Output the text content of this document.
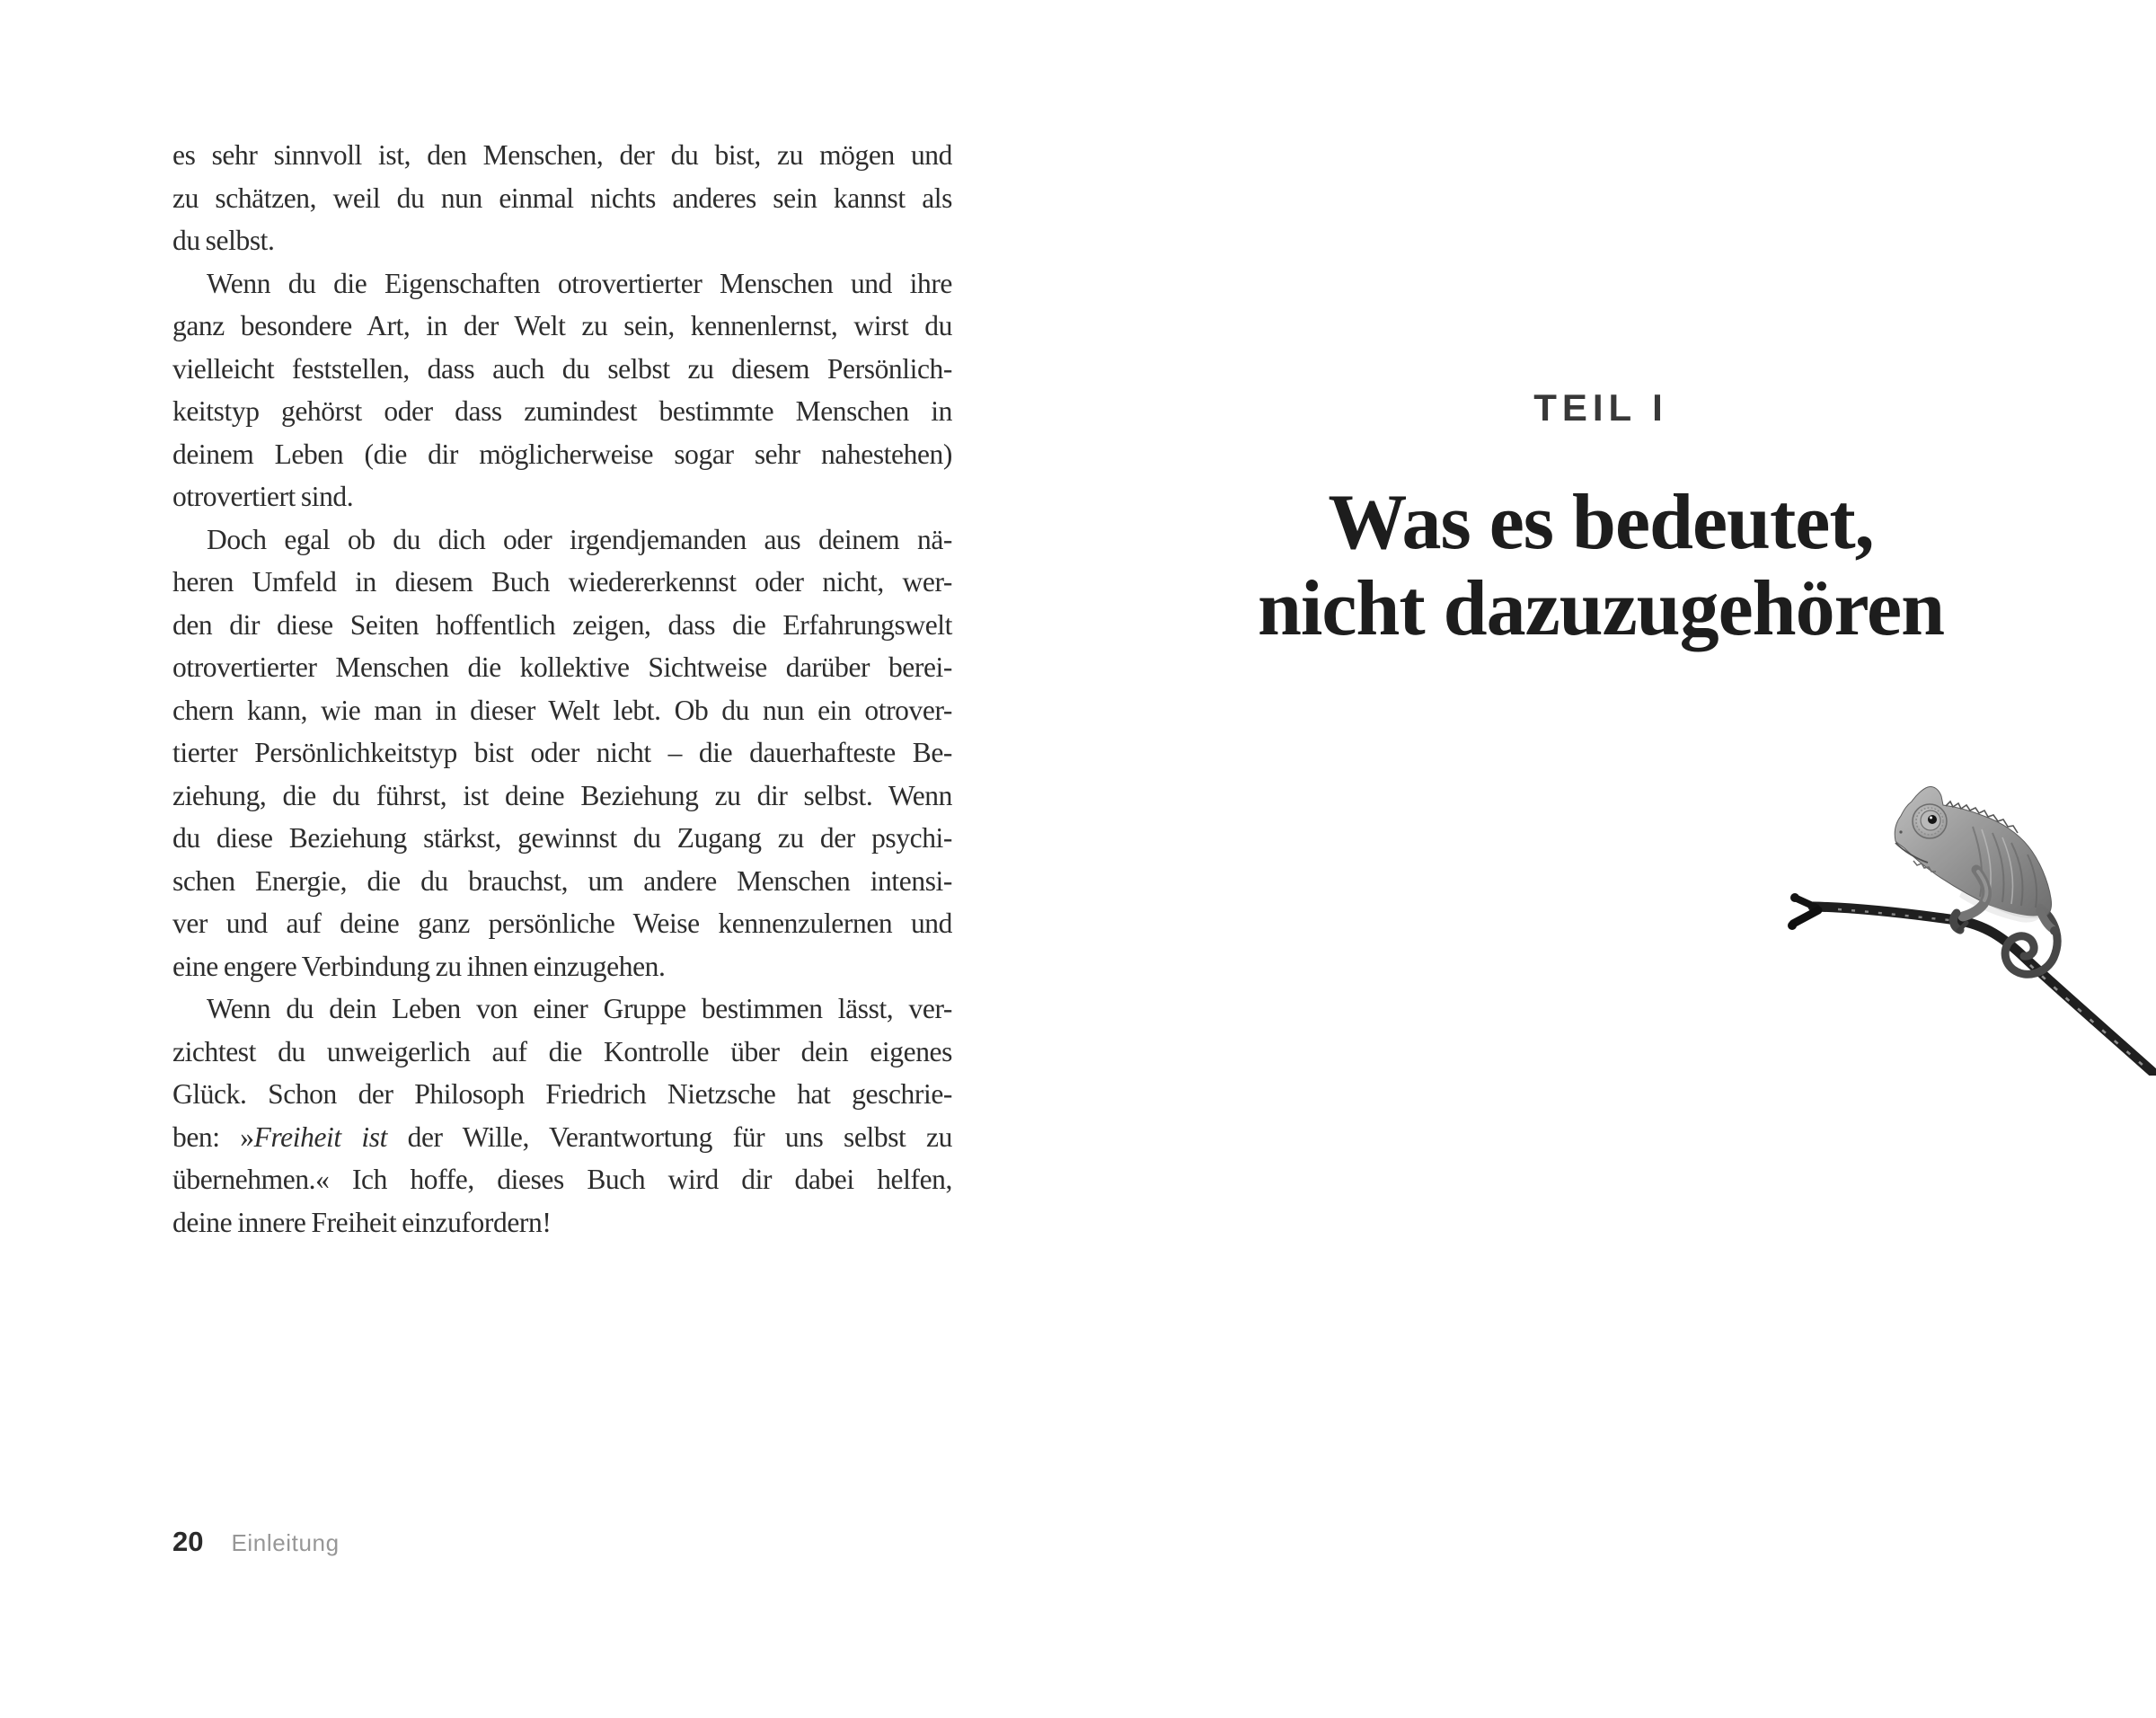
es sehr sinnvoll ist, den Menschen, der du bist, zu mögen und
zu schätzen, weil du nun einmal nichts anderes sein kannst als
du selbst.
Wenn du die Eigenschaften otrovertierter Menschen und ihre
ganz besondere Art, in der Welt zu sein, kennenlernst, wirst du
vielleicht feststellen, dass auch du selbst zu diesem Persönlich-
keitstyp gehörst oder dass zumindest bestimmte Menschen in
deinem Leben (die dir möglicherweise sogar sehr nahestehen)
otrovertiert sind.
Doch egal ob du dich oder irgendjemanden aus deinem nä-
heren Umfeld in diesem Buch wiedererkennst oder nicht, wer-
den dir diese Seiten hoffentlich zeigen, dass die Erfahrungswelt
otrovertierter Menschen die kollektive Sichtweise darüber berei-
chern kann, wie man in dieser Welt lebt. Ob du nun ein otrover-
tierter Persönlichkeitstyp bist oder nicht – die dauerhafteste Be-
ziehung, die du führst, ist deine Beziehung zu dir selbst. Wenn
du diese Beziehung stärkst, gewinnst du Zugang zu der psychi-
schen Energie, die du brauchst, um andere Menschen intensi-
ver und auf deine ganz persönliche Weise kennenzulernen und
eine engere Verbindung zu ihnen einzugehen.
Wenn du dein Leben von einer Gruppe bestimmen lässt, ver-
zichtest du unweigerlich auf die Kontrolle über dein eigenes
Glück. Schon der Philosoph Friedrich Nietzsche hat geschrie-
ben: »Freiheit ist der Wille, Verantwortung für uns selbst zu
übernehmen.« Ich hoffe, dieses Buch wird dir dabei helfen,
deine innere Freiheit einzufordern!
20 Einleitung
TEIL I
Was es bedeutet,
nicht dazuzugehören
